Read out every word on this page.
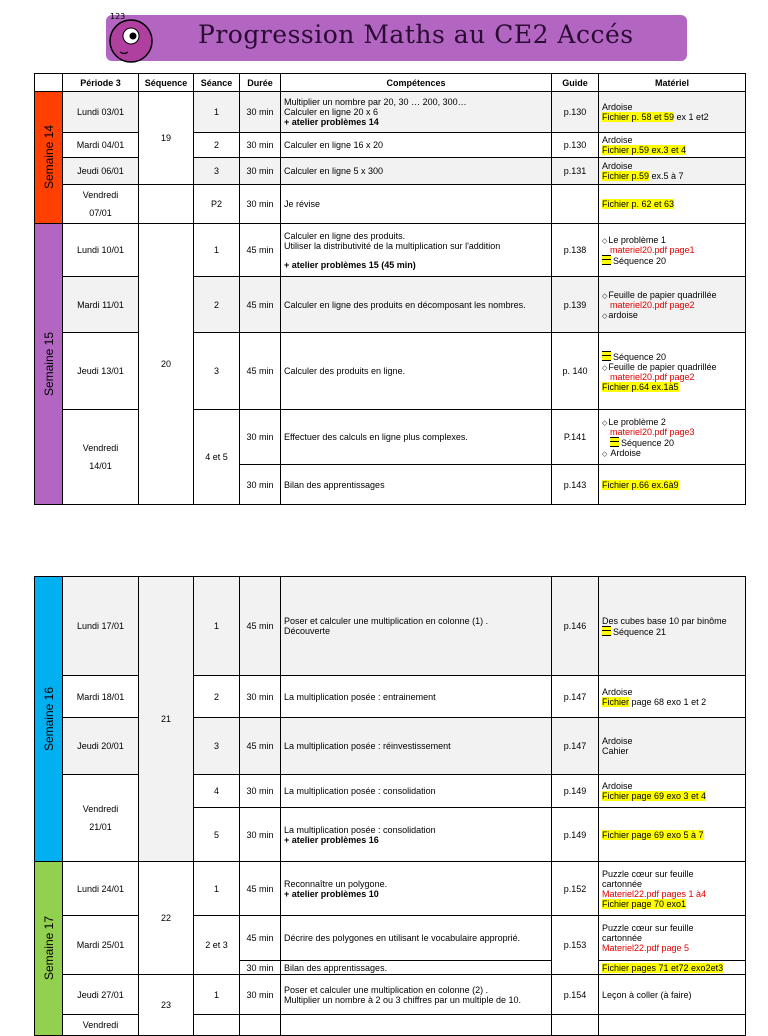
123
Progression Maths au CE2 Accés
	Période 3	Séquence	Séance	Durée	Compétences	Guide	Matériel

Semaine 14	Lundi 03/01	19	1	30 min	Multiplier un nombre par 20, 30 … 200, 300…
Calculer en ligne 20 x 6
+ atelier problèmes 14	p.130	Ardoise
Fichier p. 58 et 59 ex 1 et2

	Mardi 04/01		2	30 min	Calculer en ligne 16 x 20	p.130	Ardoise
Fichier p.59 ex.3 et 4

	Jeudi 06/01		3	30 min	Calculer en ligne 5 x 300	p.131	Ardoise
Fichier p.59 ex.5 à 7

	Vendredi
07/01		P2	30 min	Je révise		Fichier p. 62 et 63

Semaine 15	Lundi 10/01	20	1	45 min	Calculer en ligne des produits.
Utiliser la distributivité de la multiplication sur l'addition
+ atelier problèmes 15 (45 min)	p.138	◇Le problème 1
materiel20.pdf page1
Séquence 20

	Mardi 11/01		2	45 min	Calculer en ligne des produits en décomposant les nombres.	p.139	◇Feuille de papier quadrillée
materiel20.pdf page2
◇ardoise

	Jeudi 13/01		3	45 min	Calculer des produits en ligne.	p. 140	Séquence 20
◇Feuille de papier quadrillée
materiel20.pdf page2
Fichier p.64 ex.1à5

	Vendredi
14/01		4 et 5	30 min	Effectuer des calculs en ligne plus complexes.	P.141	◇Le problème 2
materiel20.pdf page3
Séquence 20
◇ Ardoise

				30 min	Bilan des apprentissages	p.143	Fichier p.66 ex.6à9
Semaine 16	Lundi 17/01	21	1	45 min	Poser et calculer une multiplication en colonne (1) .
Découverte	p.146	Des cubes base 10 par binôme
Séquence 21

	Mardi 18/01		2	30 min	La multiplication posée : entrainement	p.147	Ardoise
Fichier page 68 exo 1 et 2

	Jeudi 20/01		3	45 min	La multiplication posée : réinvestissement	p.147	Ardoise
Cahier

	Vendredi
21/01		4	30 min	La multiplication posée : consolidation	p.149	Ardoise
Fichier page 69 exo 3 et 4

			5	30 min	La multiplication posée : consolidation
+ atelier problèmes 16	p.149	Fichier page 69 exo 5 à 7

Semaine 17	Lundi 24/01	22	1	45 min	Reconnaître un polygone.
+ atelier problèmes 10	p.152	Puzzle cœur sur feuille
cartonnée
Materiel22.pdf pages 1 à4
Fichier page 70 exo1

	Mardi 25/01		2 et 3	45 min	Décrire des polygones en utilisant le vocabulaire approprié.	p.153	Puzzle cœur sur feuille
cartonnée
Materiel22.pdf page 5

				30 min	Bilan des apprentissages.		Fichier pages 71 et72 exo2et3
	Jeudi 27/01	23	1	30 min	Poser et calculer une multiplication en colonne (2) .
Multiplier un nombre à 2 ou 3 chiffres par un multiple de 10.	p.154	Leçon à coller (à faire)
	Vendredi						
